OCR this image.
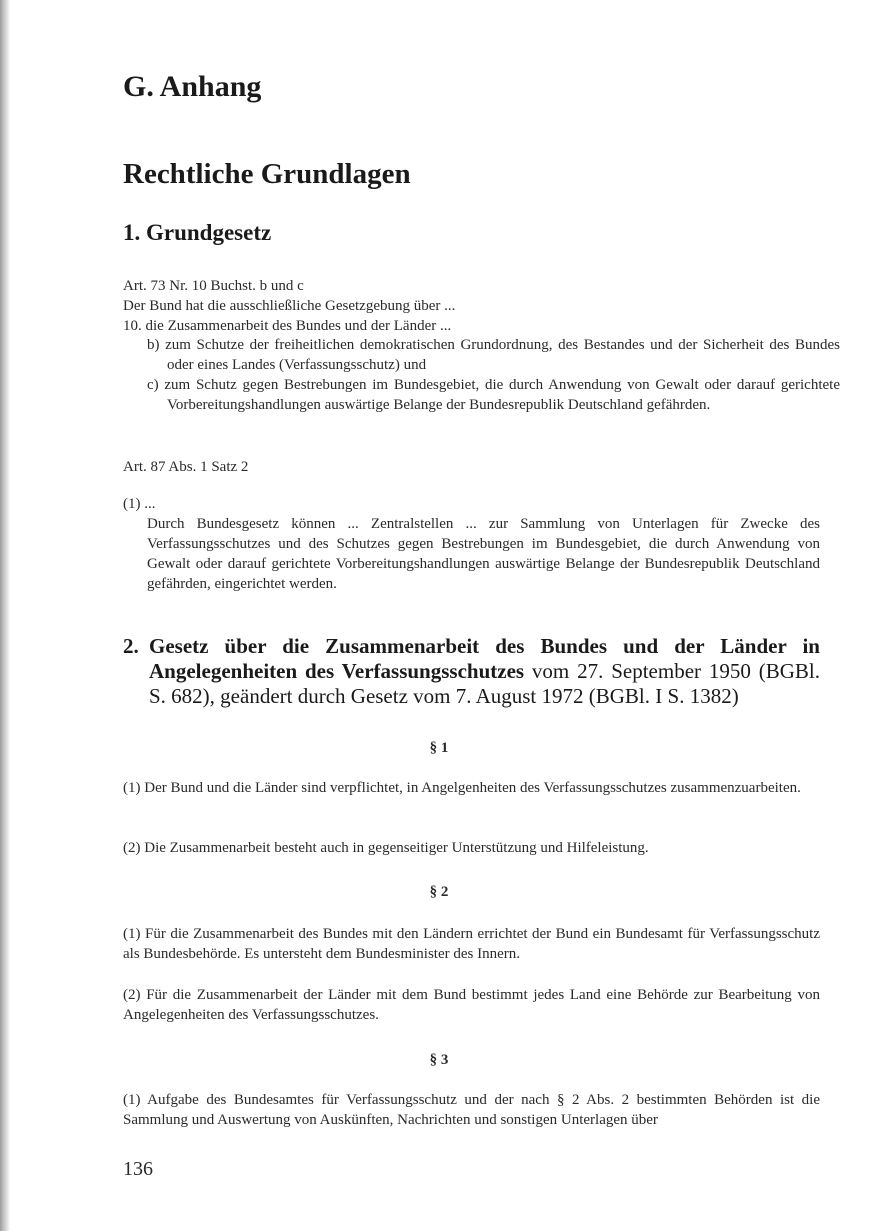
G. Anhang
Rechtliche Grundlagen
1. Grundgesetz

Art. 73 Nr. 10 Buchst. b und c

Der Bund hat die ausschließliche Gesetzgebung über ...

10. die Zusammenarbeit des Bundes und der Länder ...

b) zum Schutze der freiheitlichen demokratischen Grundordnung, des Bestandes und der Sicherheit des Bundes oder eines Landes (Verfassungsschutz) und

c) zum Schutz gegen Bestrebungen im Bundesgebiet, die durch Anwendung von Gewalt oder darauf gerichtete Vorbereitungshandlungen auswärtige Belange der Bundesrepublik Deutschland gefährden.

Art. 87 Abs. 1 Satz 2

(1) ...

Durch Bundesgesetz können ... Zentralstellen ... zur Sammlung von Unterlagen für Zwecke des Verfassungsschutzes und des Schutzes gegen Bestrebungen im Bundesgebiet, die durch Anwendung von Gewalt oder darauf gerichtete Vorbereitungshandlungen auswärtige Belange der Bundesrepublik Deutschland gefährden, eingerichtet werden.

2. Gesetz über die Zusammenarbeit des Bundes und der Länder in Angelegenheiten des Verfassungsschutzes vom 27. September 1950 (BGBl. S. 682), geändert durch Gesetz vom 7. August 1972 (BGBl. I S. 1382)

§ 1

(1) Der Bund und die Länder sind verpflichtet, in Angelgenheiten des Verfassungsschutzes zusammenzuarbeiten.

(2) Die Zusammenarbeit besteht auch in gegenseitiger Unterstützung und Hilfeleistung.

§ 2

(1) Für die Zusammenarbeit des Bundes mit den Ländern errichtet der Bund ein Bundesamt für Verfassungsschutz als Bundesbehörde. Es untersteht dem Bundesminister des Innern.

(2) Für die Zusammenarbeit der Länder mit dem Bund bestimmt jedes Land eine Behörde zur Bearbeitung von Angelegenheiten des Verfassungsschutzes.

§ 3

(1) Aufgabe des Bundesamtes für Verfassungsschutz und der nach § 2 Abs. 2 bestimmten Behörden ist die Sammlung und Auswertung von Auskünften, Nachrichten und sonstigen Unterlagen über

136
